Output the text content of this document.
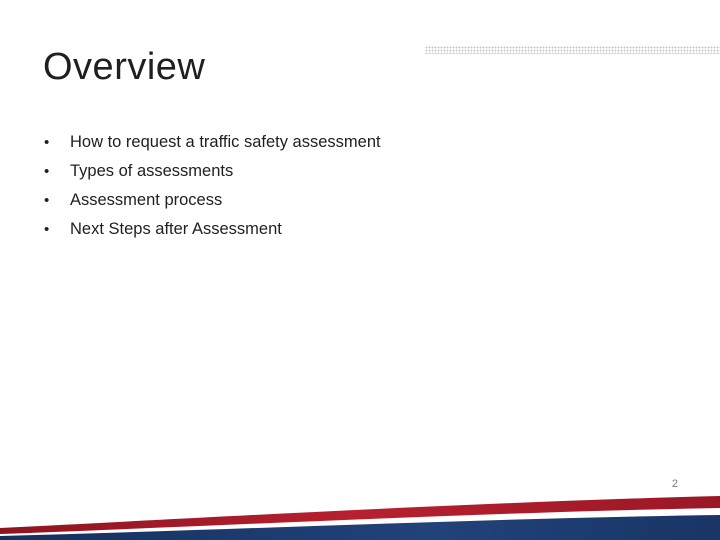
Overview
•	How to request a traffic safety assessment
•	Types of assessments
•	Assessment process
•	Next Steps after Assessment
2
